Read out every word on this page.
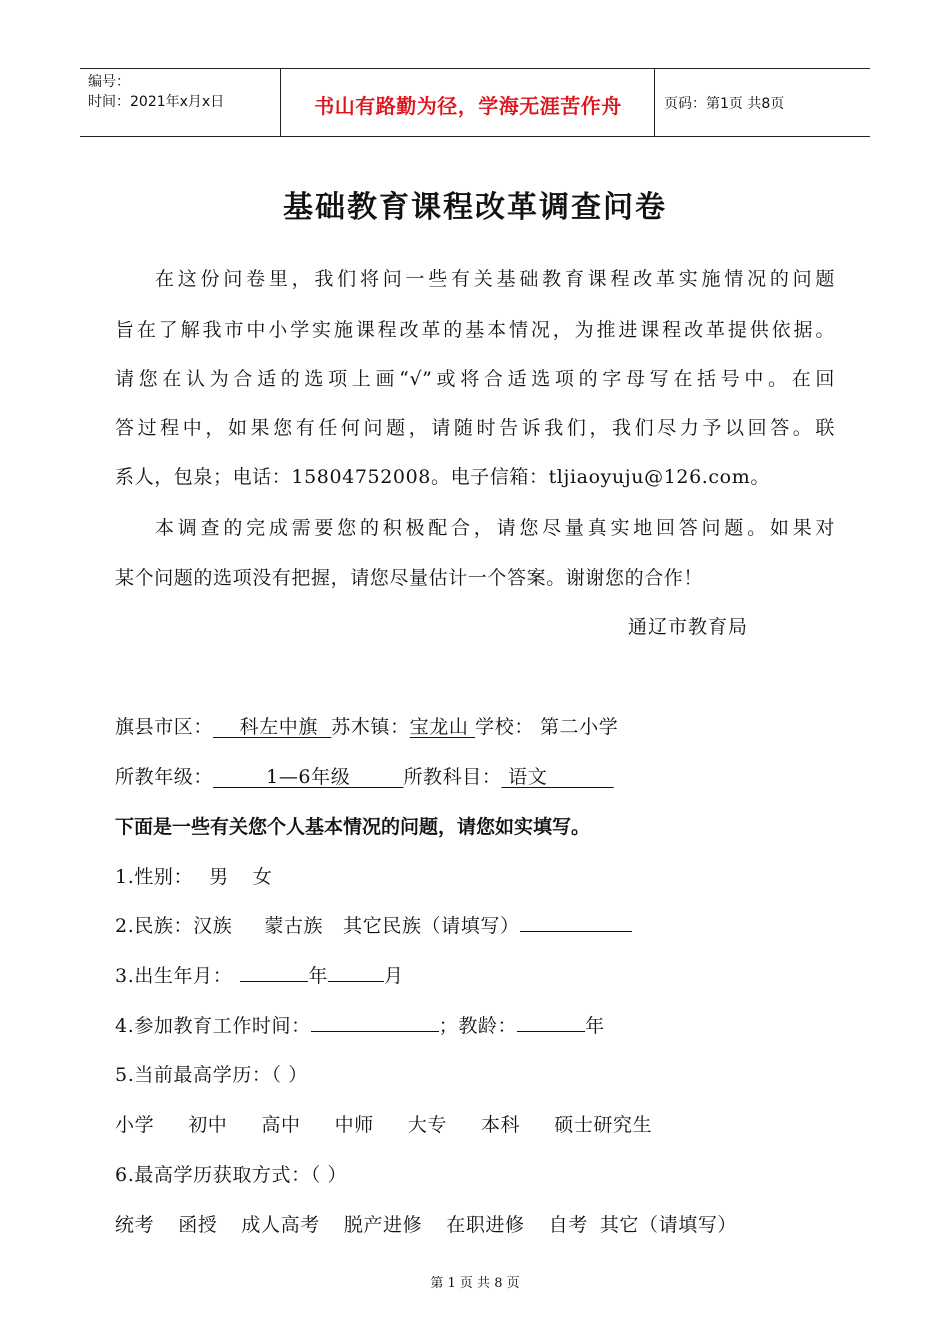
编号：
时间：2021年x月x日	书山有路勤为径，学海无涯苦作舟	页码：第1页 共8页
基础教育课程改革调查问卷
在这份问卷里，我们将问一些有关基础教育课程改革实施情况的问题
旨在了解我市中小学实施课程改革的基本情况，为推进课程改革提供依据。
请您在认为合适的选项上画“√”或将合适选项的字母写在括号中。在回
答过程中，如果您有任何问题，请随时告诉我们，我们尽力予以回答。联
系人，包泉；电话：15804752008。电子信箱：tljiaoyuju@126.com。
本调查的完成需要您的积极配合，请您尽量真实地回答问题。如果对
某个问题的选项没有把握，请您尽量估计一个答案。谢谢您的合作！
通辽市教育局
旗县市区：    科左中旗  苏木镇：宝龙山 学校： 第二小学
所教年级：        1—6年级        所教科目： 语文
下面是一些有关您个人基本情况的问题，请您如实填写。
1.性别： 男 女
2.民族：汉族 蒙古族 其它民族（请填写）
3.出生年月：	年	月
4.参加教育工作时间：	；教龄：	年
5.当前最高学历：（ ）
小学 初中 高中 中师 大专 本科 硕士研究生
6.最高学历获取方式：（ ）
统考 函授 成人高考 脱产进修 在职进修 自考 其它（请填写）
第 1 页 共 8 页
